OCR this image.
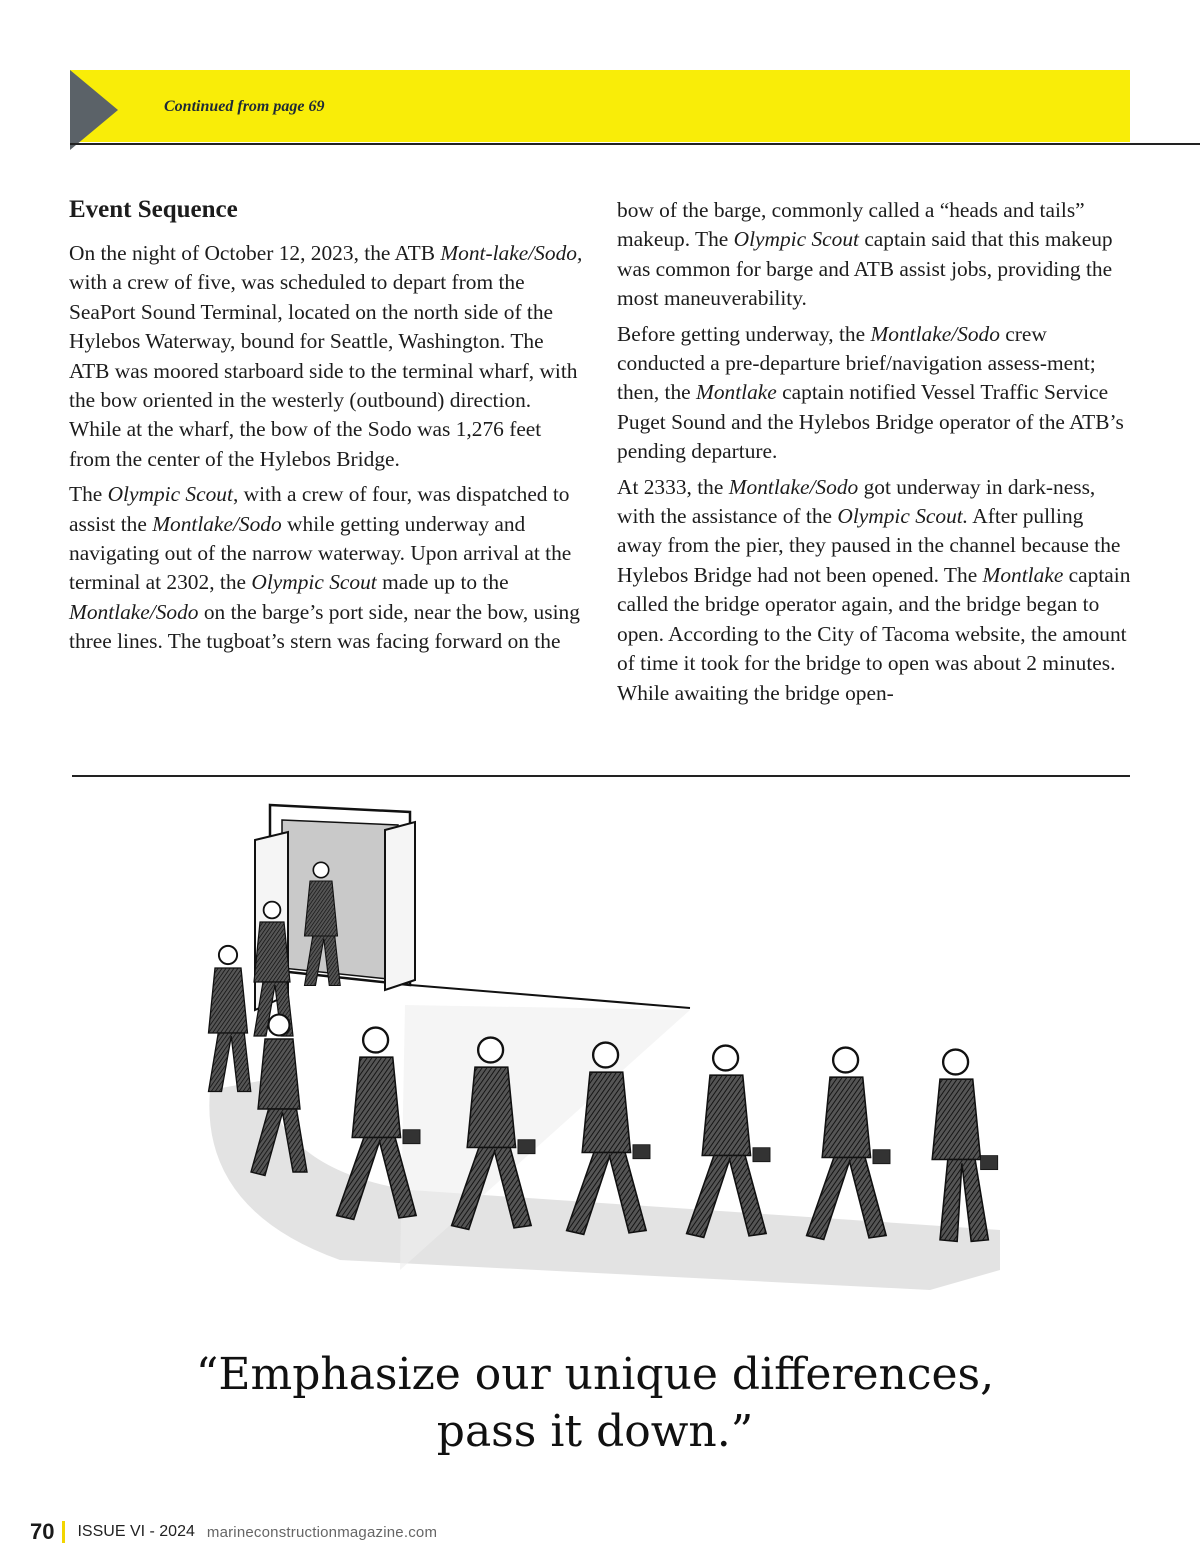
Continued from page 69
Event Sequence

On the night of October 12, 2023, the ATB Mont-lake/Sodo, with a crew of five, was scheduled to depart from the SeaPort Sound Terminal, located on the north side of the Hylebos Waterway, bound for Seattle, Washington. The ATB was moored starboard side to the terminal wharf, with the bow oriented in the westerly (outbound) direction. While at the wharf, the bow of the Sodo was 1,276 feet from the center of the Hylebos Bridge.

The Olympic Scout, with a crew of four, was dispatched to assist the Montlake/Sodo while getting underway and navigating out of the narrow waterway. Upon arrival at the terminal at 2302, the Olympic Scout made up to the Montlake/Sodo on the barge’s port side, near the bow, using three lines. The tugboat’s stern was facing forward on the

bow of the barge, commonly called a “heads and tails” makeup. The Olympic Scout captain said that this makeup was common for barge and ATB assist jobs, providing the most maneuverability.

Before getting underway, the Montlake/Sodo crew conducted a pre-departure brief/navigation assess-ment; then, the Montlake captain notified Vessel Traffic Service Puget Sound and the Hylebos Bridge operator of the ATB’s pending departure.

At 2333, the Montlake/Sodo got underway in dark-ness, with the assistance of the Olympic Scout. After pulling away from the pier, they paused in the channel because the Hylebos Bridge had not been opened. The Montlake captain called the bridge operator again, and the bridge began to open. According to the City of Tacoma website, the amount of time it took for the bridge to open was about 2 minutes. While awaiting the bridge open-

“Emphasize our unique differences,
pass it down.”
70 ISSUE VI - 2024 marineconstructionmagazine.com
